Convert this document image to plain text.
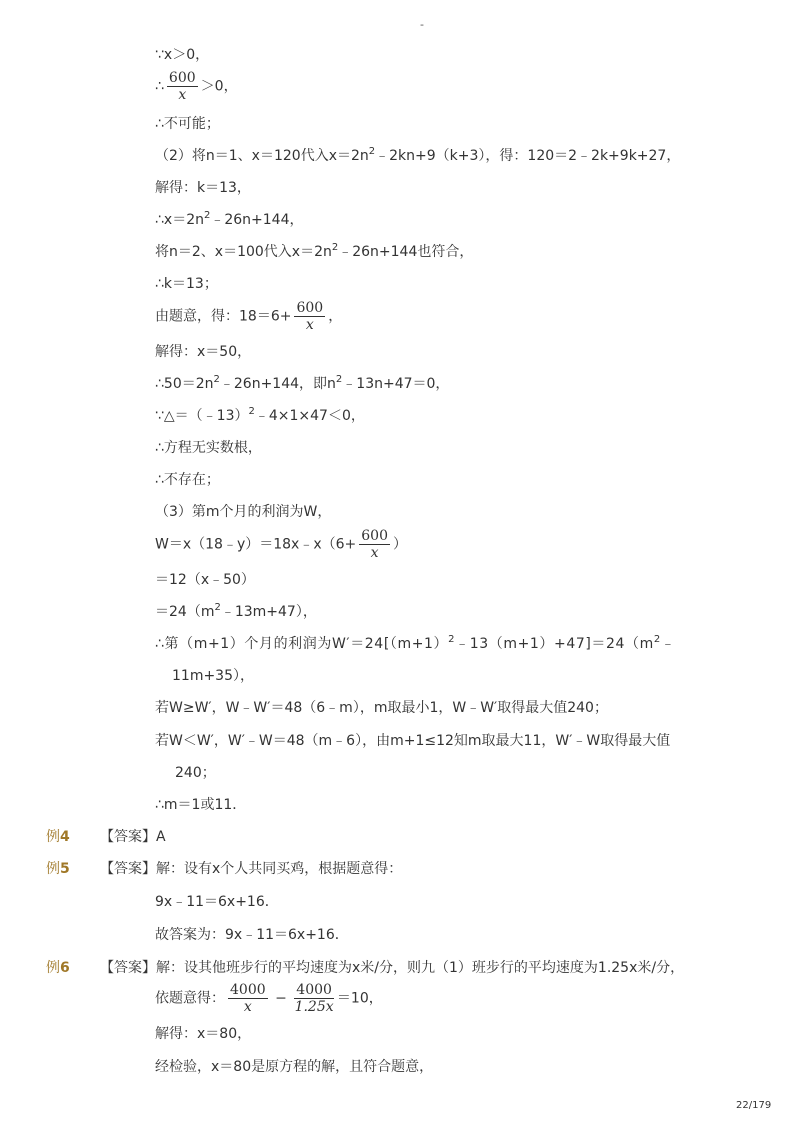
-
∵x＞0，
∴ $\frac{600}{x} >0$，
∴不可能；
（2）将n＝1、x＝120代入$x=2n^2﹣2kn+9(k+3)$，得：120＝2﹣2k+9k+27，
解得：k＝13，
$\therefore x=2n^2﹣26n+144$，
将n＝2、x＝100代入$x=2n^2﹣26n+144$也符合，
∴k＝13；
由题意，得：$18=6+ \frac{600}{x}$ ，
解得：x＝50，
$\therefore 50=2n^2﹣26n+144$，即$n^2﹣13n+47=0$，
∵△＝（﹣13）$^2$﹣4×1×47＜0，
∴方程无实数根，
∴不存在；
（3）第m个月的利润为W，
W＝x（18﹣y）＝18x﹣x（6+ $\frac{600}{x}$ ）
＝12（x﹣50）
$=24(m^2﹣13m+47)$，
∴第（m+1）个月的利润为$W'=24[(m+1)^2﹣13(m+1)+47]=24(m^2﹣$
11m+35），
若W≥W′，W﹣W′＝48（6﹣m），m取最小1，W﹣W′取得最大值240；
若W＜W′，W′﹣W＝48（m﹣6），由m+1≤12知m取最大11，W′﹣W取得最大值
240；
∴m＝1或11．
例4 【答案】A
例5 【答案】解：设有x个人共同买鸡，根据题意得：
9x﹣11＝6x+16．
故答案为：9x﹣11＝6x+16．
例6 【答案】解：设其他班步行的平均速度为x米/分，则九（1）班步行的平均速度为1.25x米/分，
依题意得： $\frac{4000}{x} - \frac{4000}{1.25x} =10$，
解得：x＝80，
经检验，x＝80是原方程的解，且符合题意，
22/179
